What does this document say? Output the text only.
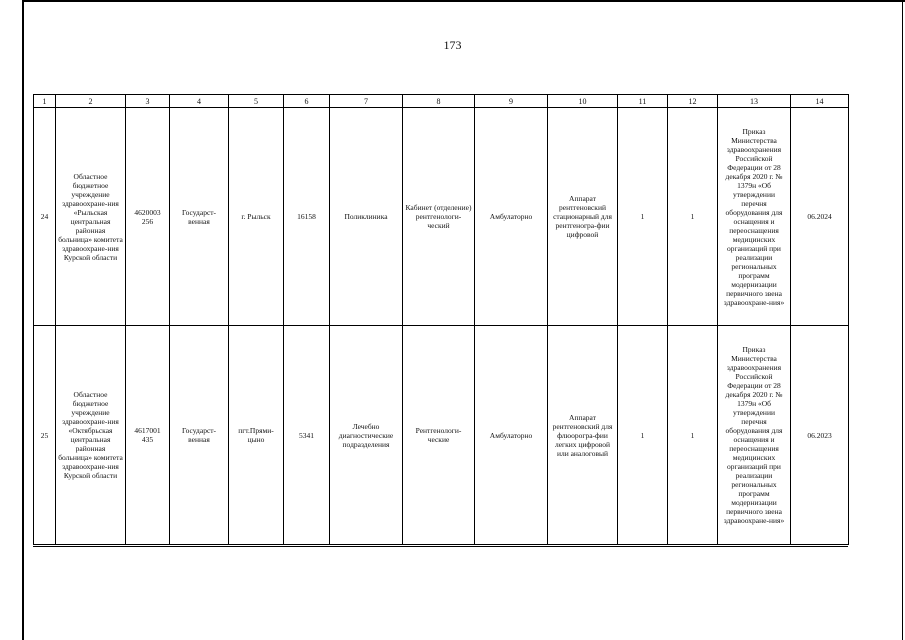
173
1	2	3	4	5	6	7	8	9	10	11	12	13	14
24	Областное бюджетное учреждение здравоохране-ния «Рыльская центральная районная больница» комитета здравоохране-ния Курской области	4620003 256	Государст-венная	г. Рыльск	16158	Поликлиника	Кабинет (отделение) рентгенологи-ческий	Амбулаторно	Аппарат рентгеновский стационарный для рентгеногра-фии цифровой	1	1	Приказ Министерства здравоохранения Российской Федерации от 28 декабря 2020 г. № 1379н «Об утверждении перечня оборудования для оснащения и переоснащения медицинских организаций при реализации региональных программ модернизации первичного звена здравоохране-ния»	06.2024
25	Областное бюджетное учреждение здравоохране-ния «Октябрьская центральная районная больница» комитета здравоохране-ния Курской области	4617001 435	Государст-венная	пгт.Прями-цыно	5341	Лечебно диагностические подразделения	Рентгенологи-ческие	Амбулаторно	Аппарат рентгеновский для флюорогра-фии легких цифровой или аналоговый	1	1	Приказ Министерства здравоохранения Российской Федерации от 28 декабря 2020 г. № 1379н «Об утверждении перечня оборудования для оснащения и переоснащения медицинских организаций при реализации региональных программ модернизации первичного звена здравоохране-ния»	06.2023
